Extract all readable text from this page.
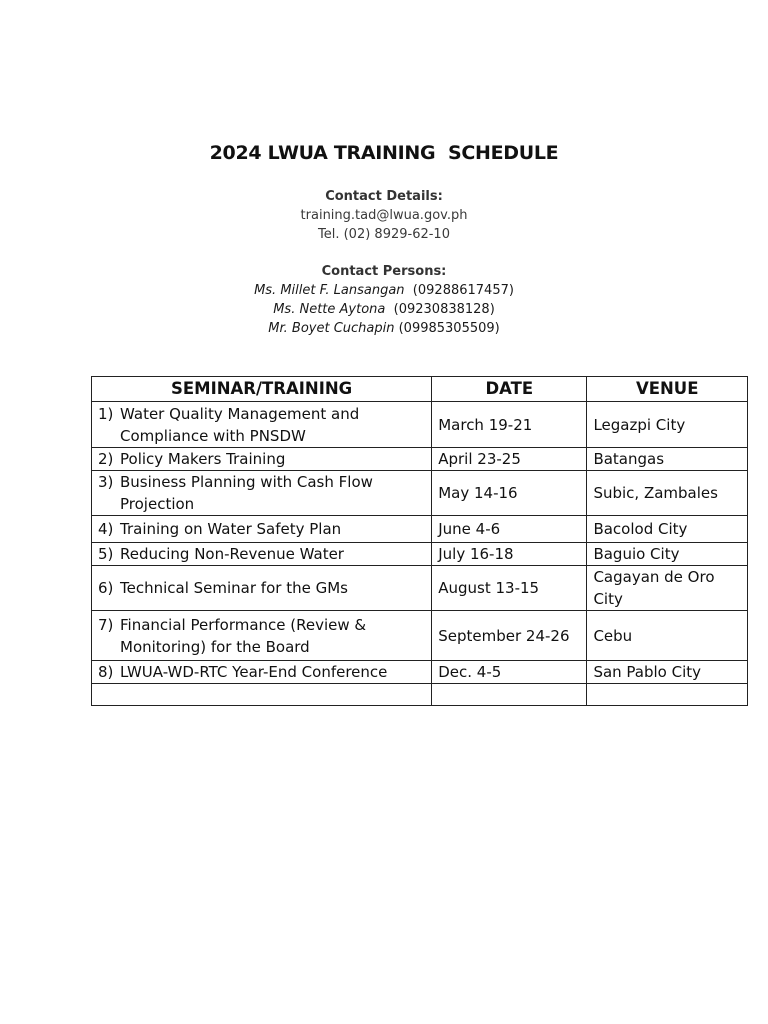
2024 LWUA TRAINING  SCHEDULE
Contact Details:
training.tad@lwua.gov.ph
Tel. (02) 8929-62-10
Contact Persons:
Ms. Millet F. Lansangan  (09288617457)
Ms. Nette Aytona  (09230838128)
Mr. Boyet Cuchapin (09985305509)
SEMINAR/TRAINING	DATE	VENUE

1) Water Quality Management and Compliance with PNSDW	March 19-21	Legazpi City

2) Policy Makers Training	April 23-25	Batangas

3) Business Planning with Cash Flow Projection	May 14-16	Subic, Zambales

4) Training on Water Safety Plan	June 4-6	Bacolod City

5) Reducing Non-Revenue Water	July 16-18	Baguio City

6) Technical Seminar for the GMs	August 13-15	Cagayan de Oro City

7) Financial Performance (Review & Monitoring) for the Board	September 24-26	Cebu

8) LWUA-WD-RTC Year-End Conference	Dec. 4-5	San Pablo City
